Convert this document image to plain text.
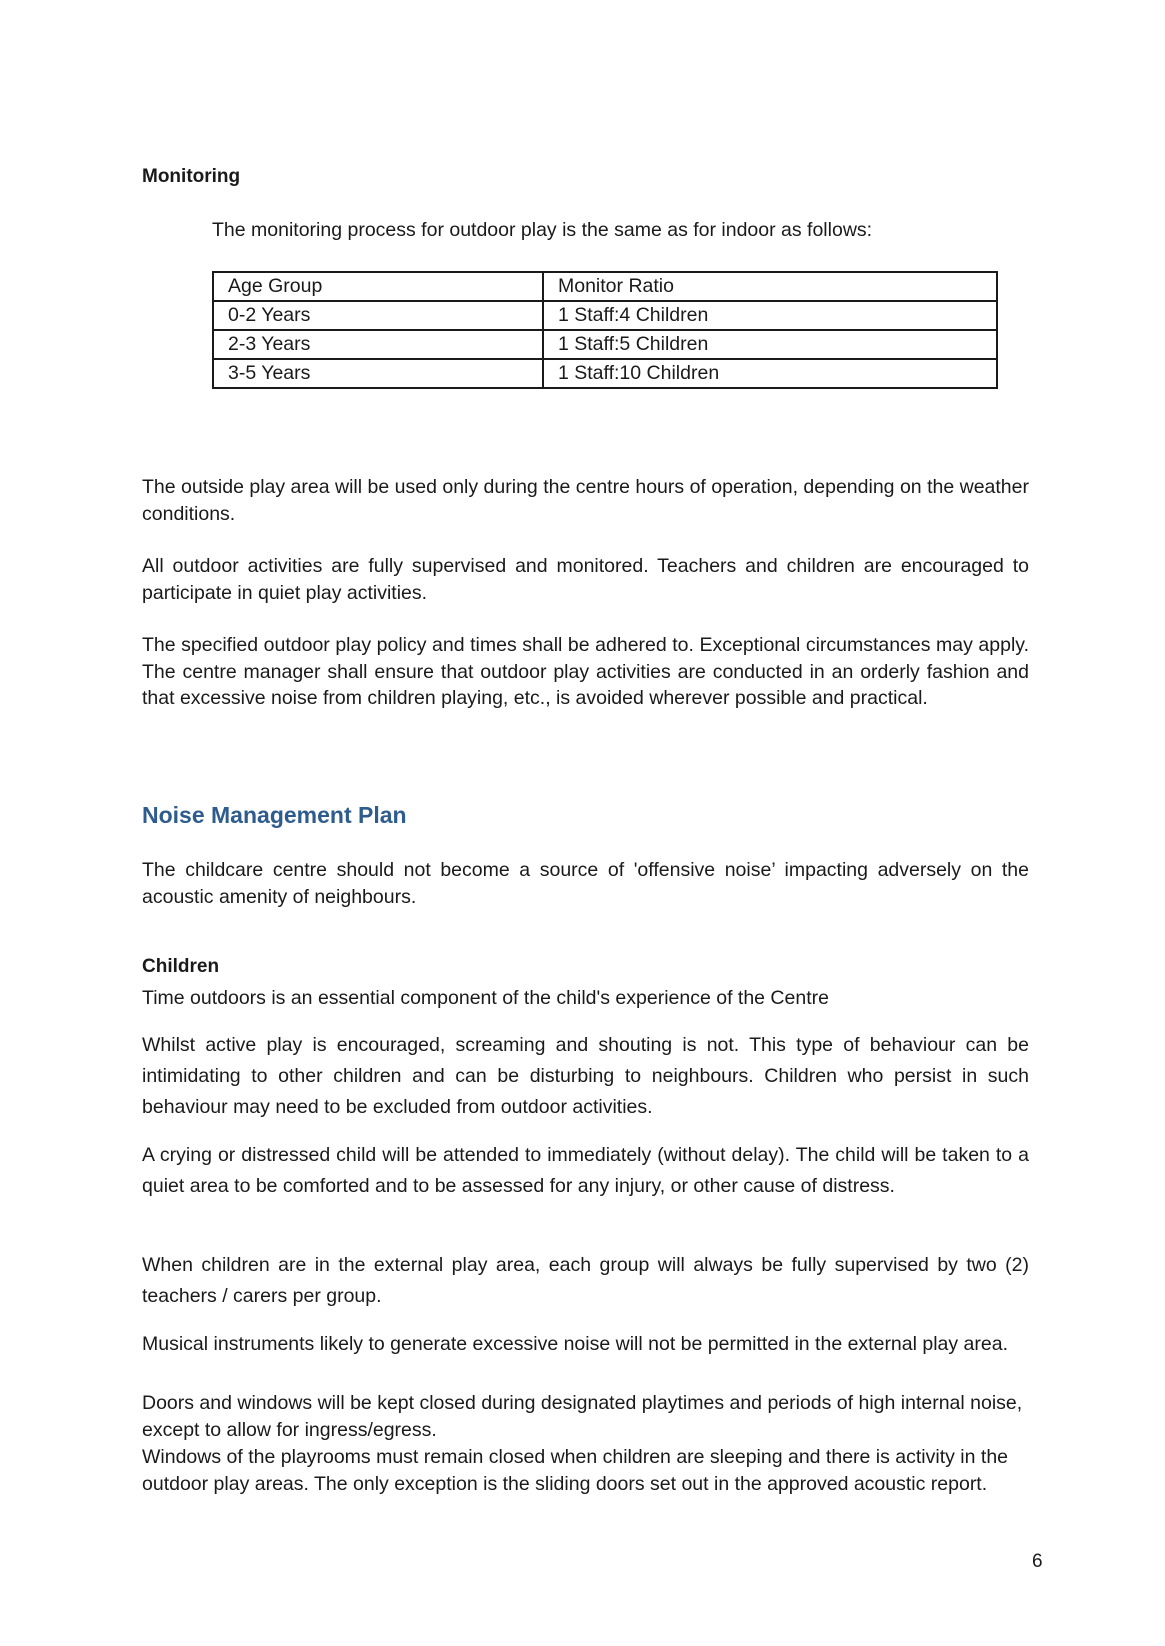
Monitoring
The monitoring process for outdoor play is the same as for indoor as follows:
Age Group	Monitor Ratio
0-2 Years	1 Staff:4 Children
2-3 Years	1 Staff:5 Children
3-5 Years	1 Staff:10 Children
The outside play area will be used only during the centre hours of operation, depending on the weather conditions.
All outdoor activities are fully supervised and monitored. Teachers and children are encouraged to participate in quiet play activities.
The specified outdoor play policy and times shall be adhered to. Exceptional circumstances may apply. The centre manager shall ensure that outdoor play activities are conducted in an orderly fashion and that excessive noise from children playing, etc., is avoided wherever possible and practical.
Noise Management Plan
The childcare centre should not become a source of 'offensive noise’ impacting adversely on the acoustic amenity of neighbours.
Children
Time outdoors is an essential component of the child's experience of the Centre
Whilst active play is encouraged, screaming and shouting is not. This type of behaviour can be intimidating to other children and can be disturbing to neighbours. Children who persist in such behaviour may need to be excluded from outdoor activities.
A crying or distressed child will be attended to immediately (without delay). The child will be taken to a quiet area to be comforted and to be assessed for any injury, or other cause of distress.
When children are in the external play area, each group will always be fully supervised by two (2) teachers / carers per group.
Musical instruments likely to generate excessive noise will not be permitted in the external play area.
Doors and windows will be kept closed during designated playtimes and periods of high internal noise, except to allow for ingress/egress.
Windows of the playrooms must remain closed when children are sleeping and there is activity in the outdoor play areas. The only exception is the sliding doors set out in the approved acoustic report.
6
